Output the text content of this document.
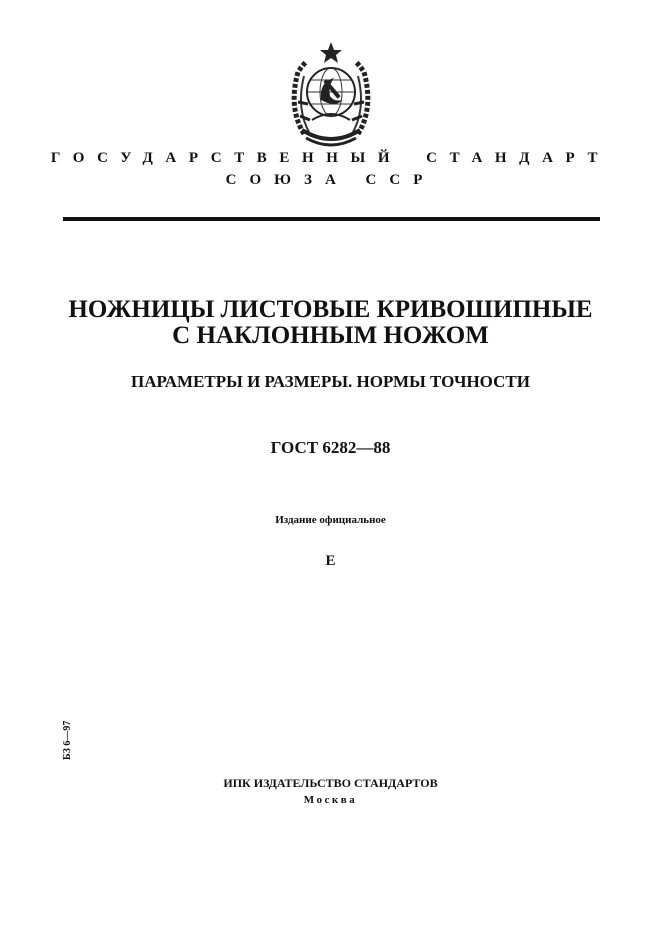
ГОСУДАРСТВЕННЫЙ СТАНДАРТ
СОЮЗА ССР
НОЖНИЦЫ ЛИСТОВЫЕ КРИВОШИПНЫЕ
С НАКЛОННЫМ НОЖОМ
ПАРАМЕТРЫ И РАЗМЕРЫ. НОРМЫ ТОЧНОСТИ
ГОСТ 6282—88
Издание официальное
Е
БЗ 6—97
ИПК ИЗДАТЕЛЬСТВО СТАНДАРТОВ
Москва
